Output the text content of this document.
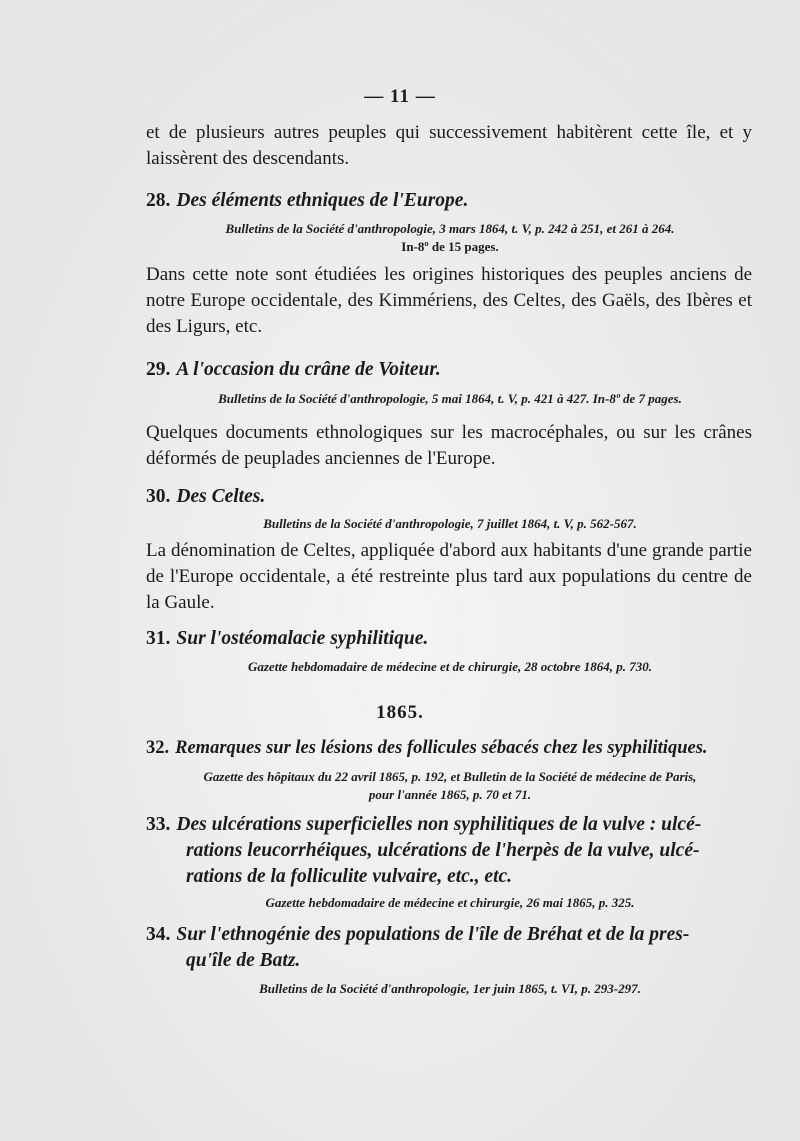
— 11 —
et de plusieurs autres peuples qui successivement habitèrent cette île, et y
laissèrent des descendants.
28. Des éléments ethniques de l'Europe.
Bulletins de la Société d'anthropologie, 3 mars 1864, t. V, p. 242 à 251, et 261 à 264.
In-8º de 15 pages.
Dans cette note sont étudiées les origines historiques des peuples anciens de notre Europe occidentale, des Kimmériens, des Celtes, des Gaëls, des Ibères et des Ligurs, etc.
29. A l'occasion du crâne de Voiteur.
Bulletins de la Société d'anthropologie, 5 mai 1864, t. V, p. 421 à 427. In-8º de 7 pages.
Quelques documents ethnologiques sur les macrocéphales, ou sur les crânes déformés de peuplades anciennes de l'Europe.
30. Des Celtes.
Bulletins de la Société d'anthropologie, 7 juillet 1864, t. V, p. 562-567.
La dénomination de Celtes, appliquée d'abord aux habitants d'une grande partie de l'Europe occidentale, a été restreinte plus tard aux populations du centre de la Gaule.
31. Sur l'ostéomalacie syphilitique.
Gazette hebdomadaire de médecine et de chirurgie, 28 octobre 1864, p. 730.
1865.
32. Remarques sur les lésions des follicules sébacés chez les syphilitiques.
Gazette des hôpitaux du 22 avril 1865, p. 192, et Bulletin de la Société de médecine de Paris,
pour l'année 1865, p. 70 et 71.
33. Des ulcérations superficielles non syphilitiques de la vulve : ulcé-
rations leucorrhéiques, ulcérations de l'herpès de la vulve, ulcé-
rations de la folliculite vulvaire, etc., etc.
Gazette hebdomadaire de médecine et chirurgie, 26 mai 1865, p. 325.
34. Sur l'ethnogénie des populations de l'île de Bréhat et de la pres-
qu'île de Batz.
Bulletins de la Société d'anthropologie, 1er juin 1865, t. VI, p. 293-297.
